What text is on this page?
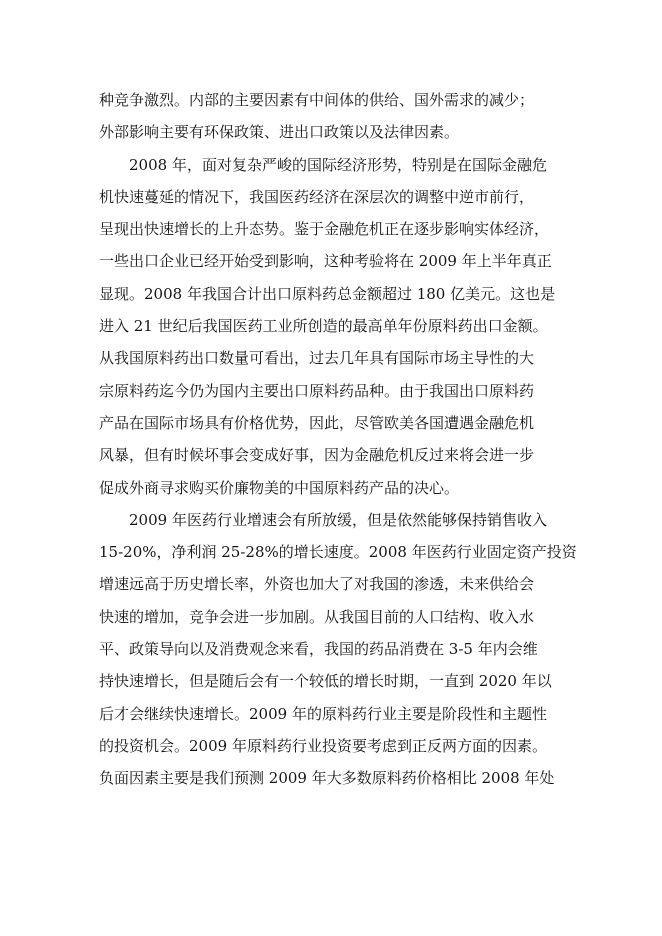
种竞争激烈。内部的主要因素有中间体的供给、国外需求的减少；
外部影响主要有环保政策、进出口政策以及法律因素。
2008 年，面对复杂严峻的国际经济形势，特别是在国际金融危
机快速蔓延的情况下，我国医药经济在深层次的调整中逆市前行，
呈现出快速增长的上升态势。鉴于金融危机正在逐步影响实体经济，
一些出口企业已经开始受到影响，这种考验将在 2009 年上半年真正
显现。2008 年我国合计出口原料药总金额超过 180 亿美元。这也是
进入 21 世纪后我国医药工业所创造的最高单年份原料药出口金额。
从我国原料药出口数量可看出，过去几年具有国际市场主导性的大
宗原料药迄今仍为国内主要出口原料药品种。由于我国出口原料药
产品在国际市场具有价格优势，因此，尽管欧美各国遭遇金融危机
风暴，但有时候坏事会变成好事，因为金融危机反过来将会进一步
促成外商寻求购买价廉物美的中国原料药产品的决心。
2009 年医药行业增速会有所放缓，但是依然能够保持销售收入
15-20%，净利润 25-28%的增长速度。2008 年医药行业固定资产投资
增速远高于历史增长率，外资也加大了对我国的渗透，未来供给会
快速的增加，竞争会进一步加剧。从我国目前的人口结构、收入水
平、政策导向以及消费观念来看，我国的药品消费在 3-5 年内会维
持快速增长，但是随后会有一个较低的增长时期，一直到 2020 年以
后才会继续快速增长。2009 年的原料药行业主要是阶段性和主题性
的投资机会。2009 年原料药行业投资要考虑到正反两方面的因素。
负面因素主要是我们预测 2009 年大多数原料药价格相比 2008 年处
